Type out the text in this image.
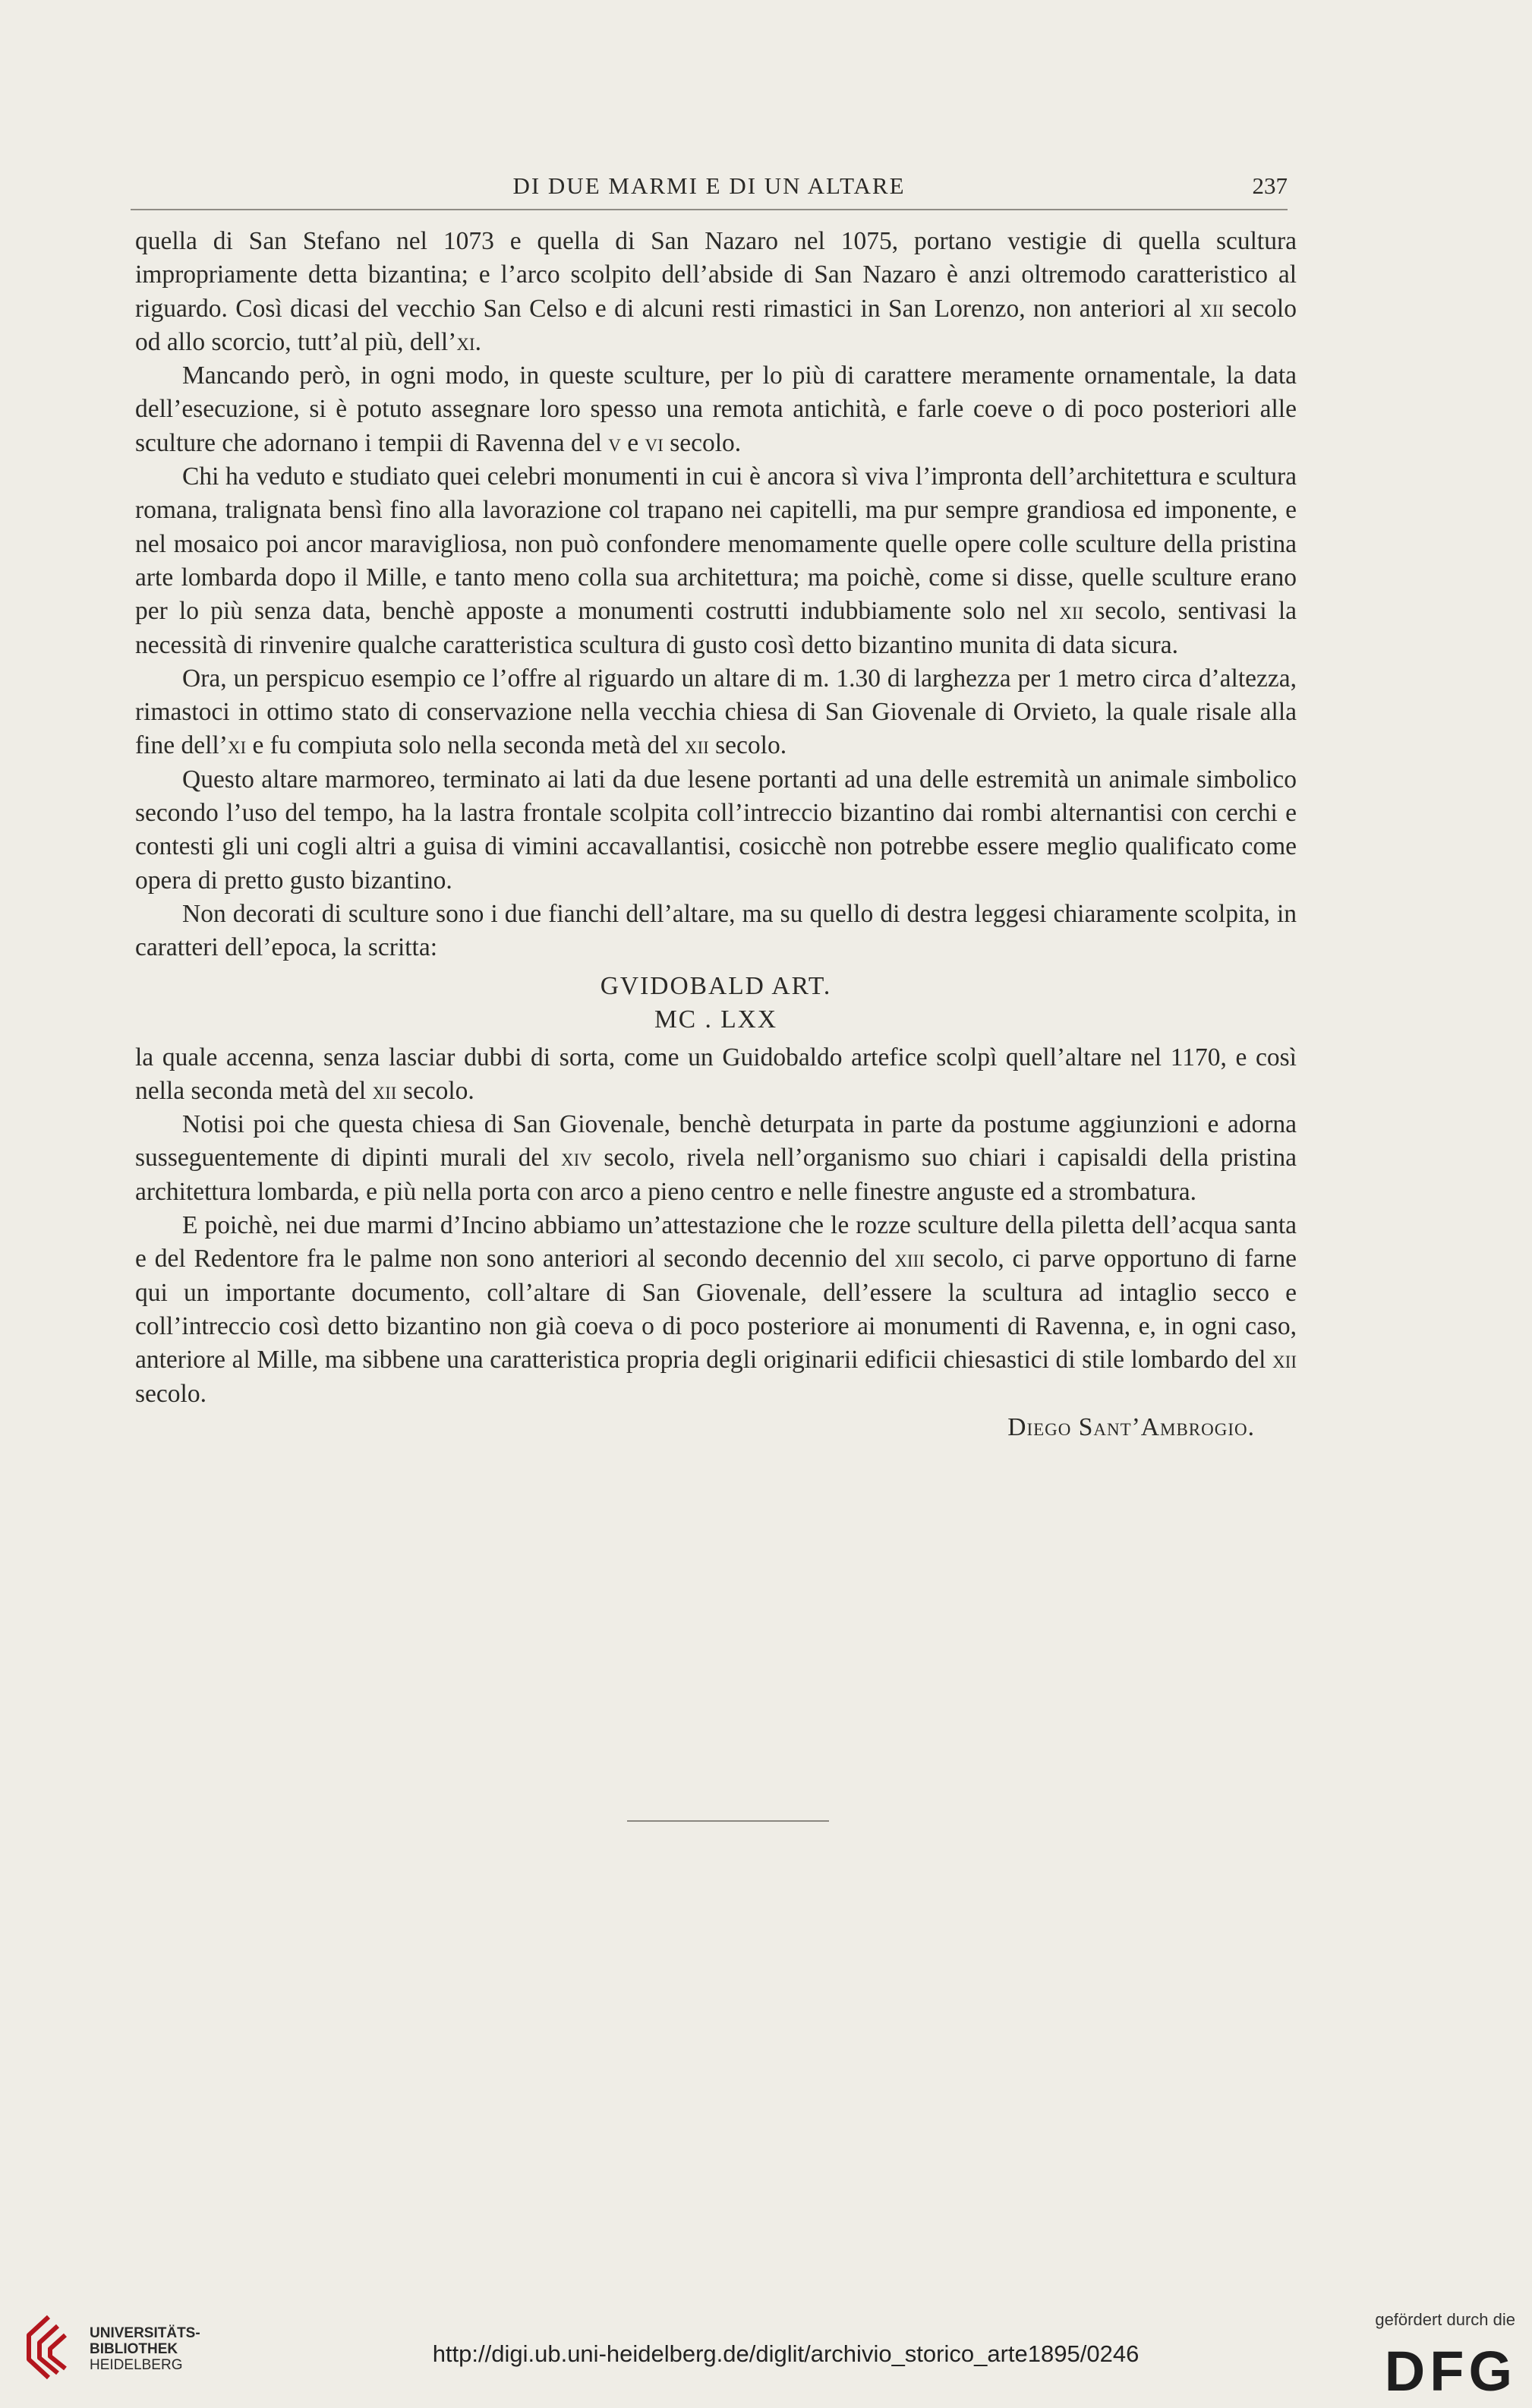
DI DUE MARMI E DI UN ALTARE	237

quella di San Stefano nel 1073 e quella di San Nazaro nel 1075, portano vestigie di quella scultura impropriamente detta bizantina; e l’arco scolpito dell’abside di San Nazaro è anzi oltremodo caratteristico al riguardo. Così dicasi del vecchio San Celso e di alcuni resti rimastici in San Lorenzo, non anteriori al xii secolo od allo scorcio, tutt’al più, dell’xi.

Mancando però, in ogni modo, in queste sculture, per lo più di carattere meramente ornamentale, la data dell’esecuzione, si è potuto assegnare loro spesso una remota antichità, e farle coeve o di poco posteriori alle sculture che adornano i tempii di Ravenna del v e vi secolo.

Chi ha veduto e studiato quei celebri monumenti in cui è ancora sì viva l’impronta dell’architettura e scultura romana, tralignata bensì fino alla lavorazione col trapano nei capitelli, ma pur sempre grandiosa ed imponente, e nel mosaico poi ancor maravigliosa, non può confondere menomamente quelle opere colle sculture della pristina arte lombarda dopo il Mille, e tanto meno colla sua architettura; ma poichè, come si disse, quelle sculture erano per lo più senza data, benchè apposte a monumenti costrutti indubbiamente solo nel xii secolo, sentivasi la necessità di rinvenire qualche caratteristica scultura di gusto così detto bizantino munita di data sicura.

Ora, un perspicuo esempio ce l’offre al riguardo un altare di m. 1.30 di larghezza per 1 metro circa d’altezza, rimastoci in ottimo stato di conservazione nella vecchia chiesa di San Giovenale di Orvieto, la quale risale alla fine dell’xi e fu compiuta solo nella seconda metà del xii secolo.

Questo altare marmoreo, terminato ai lati da due lesene portanti ad una delle estremità un animale simbolico secondo l’uso del tempo, ha la lastra frontale scolpita coll’intreccio bizantino dai rombi alternantisi con cerchi e contesti gli uni cogli altri a guisa di vimini accavallantisi, cosicchè non potrebbe essere meglio qualificato come opera di pretto gusto bizantino.

Non decorati di sculture sono i due fianchi dell’altare, ma su quello di destra leggesi chiaramente scolpita, in caratteri dell’epoca, la scritta:

GVIDOBALD ART.
MC . LXX

la quale accenna, senza lasciar dubbi di sorta, come un Guidobaldo artefice scolpì quell’altare nel 1170, e così nella seconda metà del xii secolo.

Notisi poi che questa chiesa di San Giovenale, benchè deturpata in parte da postume aggiunzioni e adorna susseguentemente di dipinti murali del xiv secolo, rivela nell’organismo suo chiari i capisaldi della pristina architettura lombarda, e più nella porta con arco a pieno centro e nelle finestre anguste ed a strombatura.

E poichè, nei due marmi d’Incino abbiamo un’attestazione che le rozze sculture della piletta dell’acqua santa e del Redentore fra le palme non sono anteriori al secondo decennio del xiii secolo, ci parve opportuno di farne qui un importante documento, coll’altare di San Giovenale, dell’essere la scultura ad intaglio secco e coll’intreccio così detto bizantino non già coeva o di poco posteriore ai monumenti di Ravenna, e, in ogni caso, anteriore al Mille, ma sibbene una caratteristica propria degli originarii edificii chiesastici di stile lombardo del xii secolo.

Diego Sant’Ambrogio.
UNIVERSITÄTS-
BIBLIOTHEK
HEIDELBERG	http://digi.ub.uni-heidelberg.de/diglit/archivio_storico_arte1895/0246
gefördert durch die
DFG
